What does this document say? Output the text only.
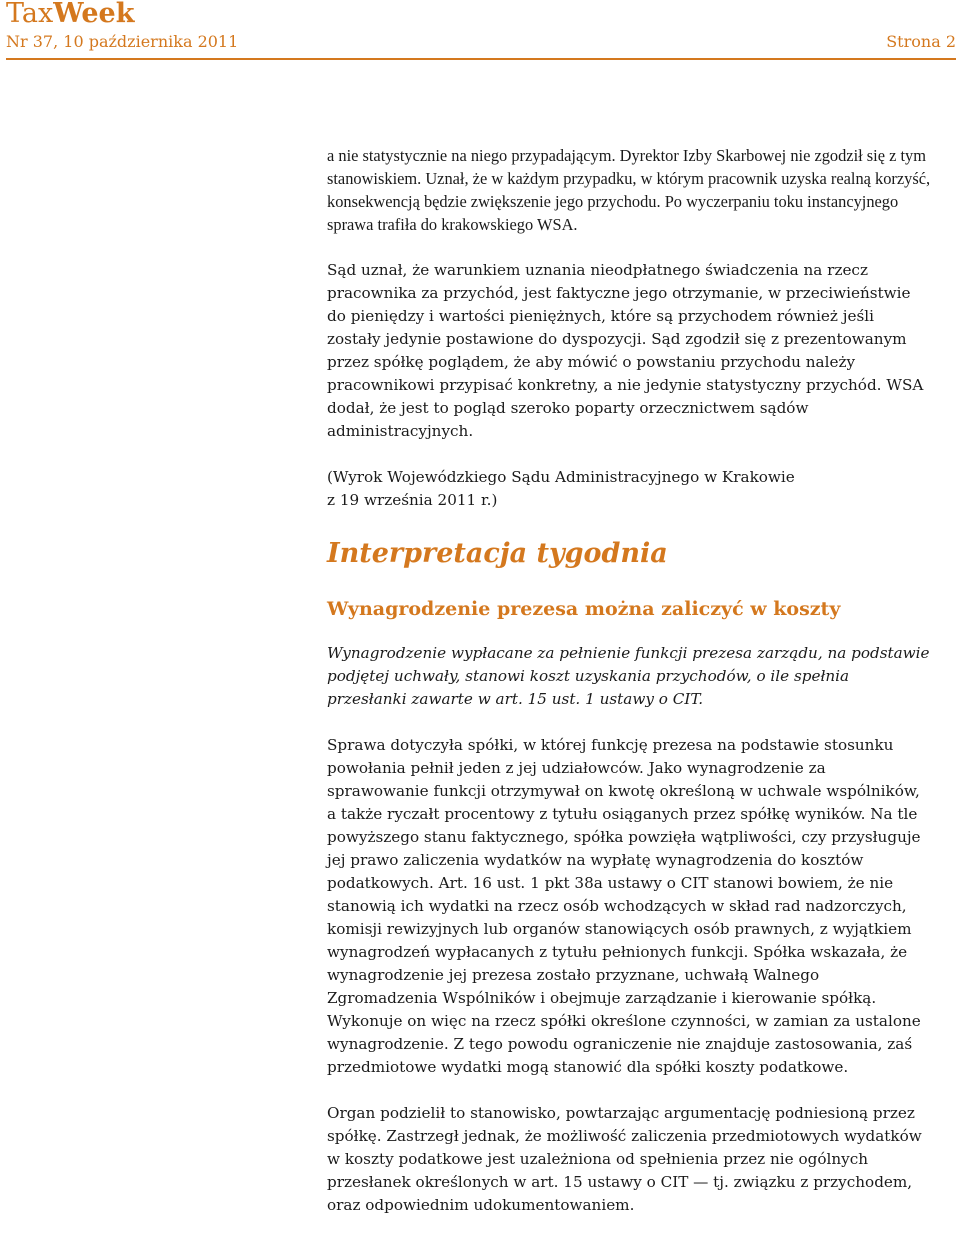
TaxWeek
Nr 37, 10 października 2011	Strona 2

a nie statystycznie na niego przypadającym. Dyrektor Izby Skarbowej nie zgodził się z tym stanowiskiem. Uznał, że w każdym przypadku, w którym pracownik uzyska realną korzyść, konsekwencją będzie zwiększenie jego przychodu. Po wyczerpaniu toku instancyjnego sprawa trafiła do krakowskiego WSA.

Sąd uznał, że warunkiem uznania nieodpłatnego świadczenia na rzecz pracownika za przychód, jest faktyczne jego otrzymanie, w przeciwieństwie do pieniędzy i wartości pieniężnych, które są przychodem również jeśli zostały jedynie postawione do dyspozycji. Sąd zgodził się z prezentowanym przez spółkę poglądem, że aby mówić o powstaniu przychodu należy pracownikowi przypisać konkretny, a nie jedynie statystyczny przychód. WSA dodał, że jest to pogląd szeroko poparty orzecznictwem sądów administracyjnych.

(Wyrok Wojewódzkiego Sądu Administracyjnego w Krakowie
z 19 września 2011 r.)

Interpretacja tygodnia
Wynagrodzenie prezesa można zaliczyć w koszty

Wynagrodzenie wypłacane za pełnienie funkcji prezesa zarządu, na podstawie podjętej uchwały, stanowi koszt uzyskania przychodów, o ile spełnia przesłanki zawarte w art. 15 ust. 1 ustawy o CIT.

Sprawa dotyczyła spółki, w której funkcję prezesa na podstawie stosunku powołania pełnił jeden z jej udziałowców. Jako wynagrodzenie za sprawowanie funkcji otrzymywał on kwotę określoną w uchwale wspólników, a także ryczałt procentowy z tytułu osiąganych przez spółkę wyników. Na tle powyższego stanu faktycznego, spółka powzięła wątpliwości, czy przysługuje jej prawo zaliczenia wydatków na wypłatę wynagrodzenia do kosztów podatkowych. Art. 16 ust. 1 pkt 38a ustawy o CIT stanowi bowiem, że nie stanowią ich wydatki na rzecz osób wchodzących w skład rad nadzorczych, komisji rewizyjnych lub organów stanowiących osób prawnych, z wyjątkiem wynagrodzeń wypłacanych z tytułu pełnionych funkcji. Spółka wskazała, że wynagrodzenie jej prezesa zostało przyznane, uchwałą Walnego Zgromadzenia Wspólników i obejmuje zarządzanie i kierowanie spółką. Wykonuje on więc na rzecz spółki określone czynności, w zamian za ustalone wynagrodzenie. Z tego powodu ograniczenie nie znajduje zastosowania, zaś przedmiotowe wydatki mogą stanowić dla spółki koszty podatkowe.

Organ podzielił to stanowisko, powtarzając argumentację podniesioną przez spółkę. Zastrzegł jednak, że możliwość zaliczenia przedmiotowych wydatków w koszty podatkowe jest uzależniona od spełnienia przez nie ogólnych przesłanek określonych w art. 15 ustawy o CIT — tj. związku z przychodem, oraz odpowiednim udokumentowaniem.
